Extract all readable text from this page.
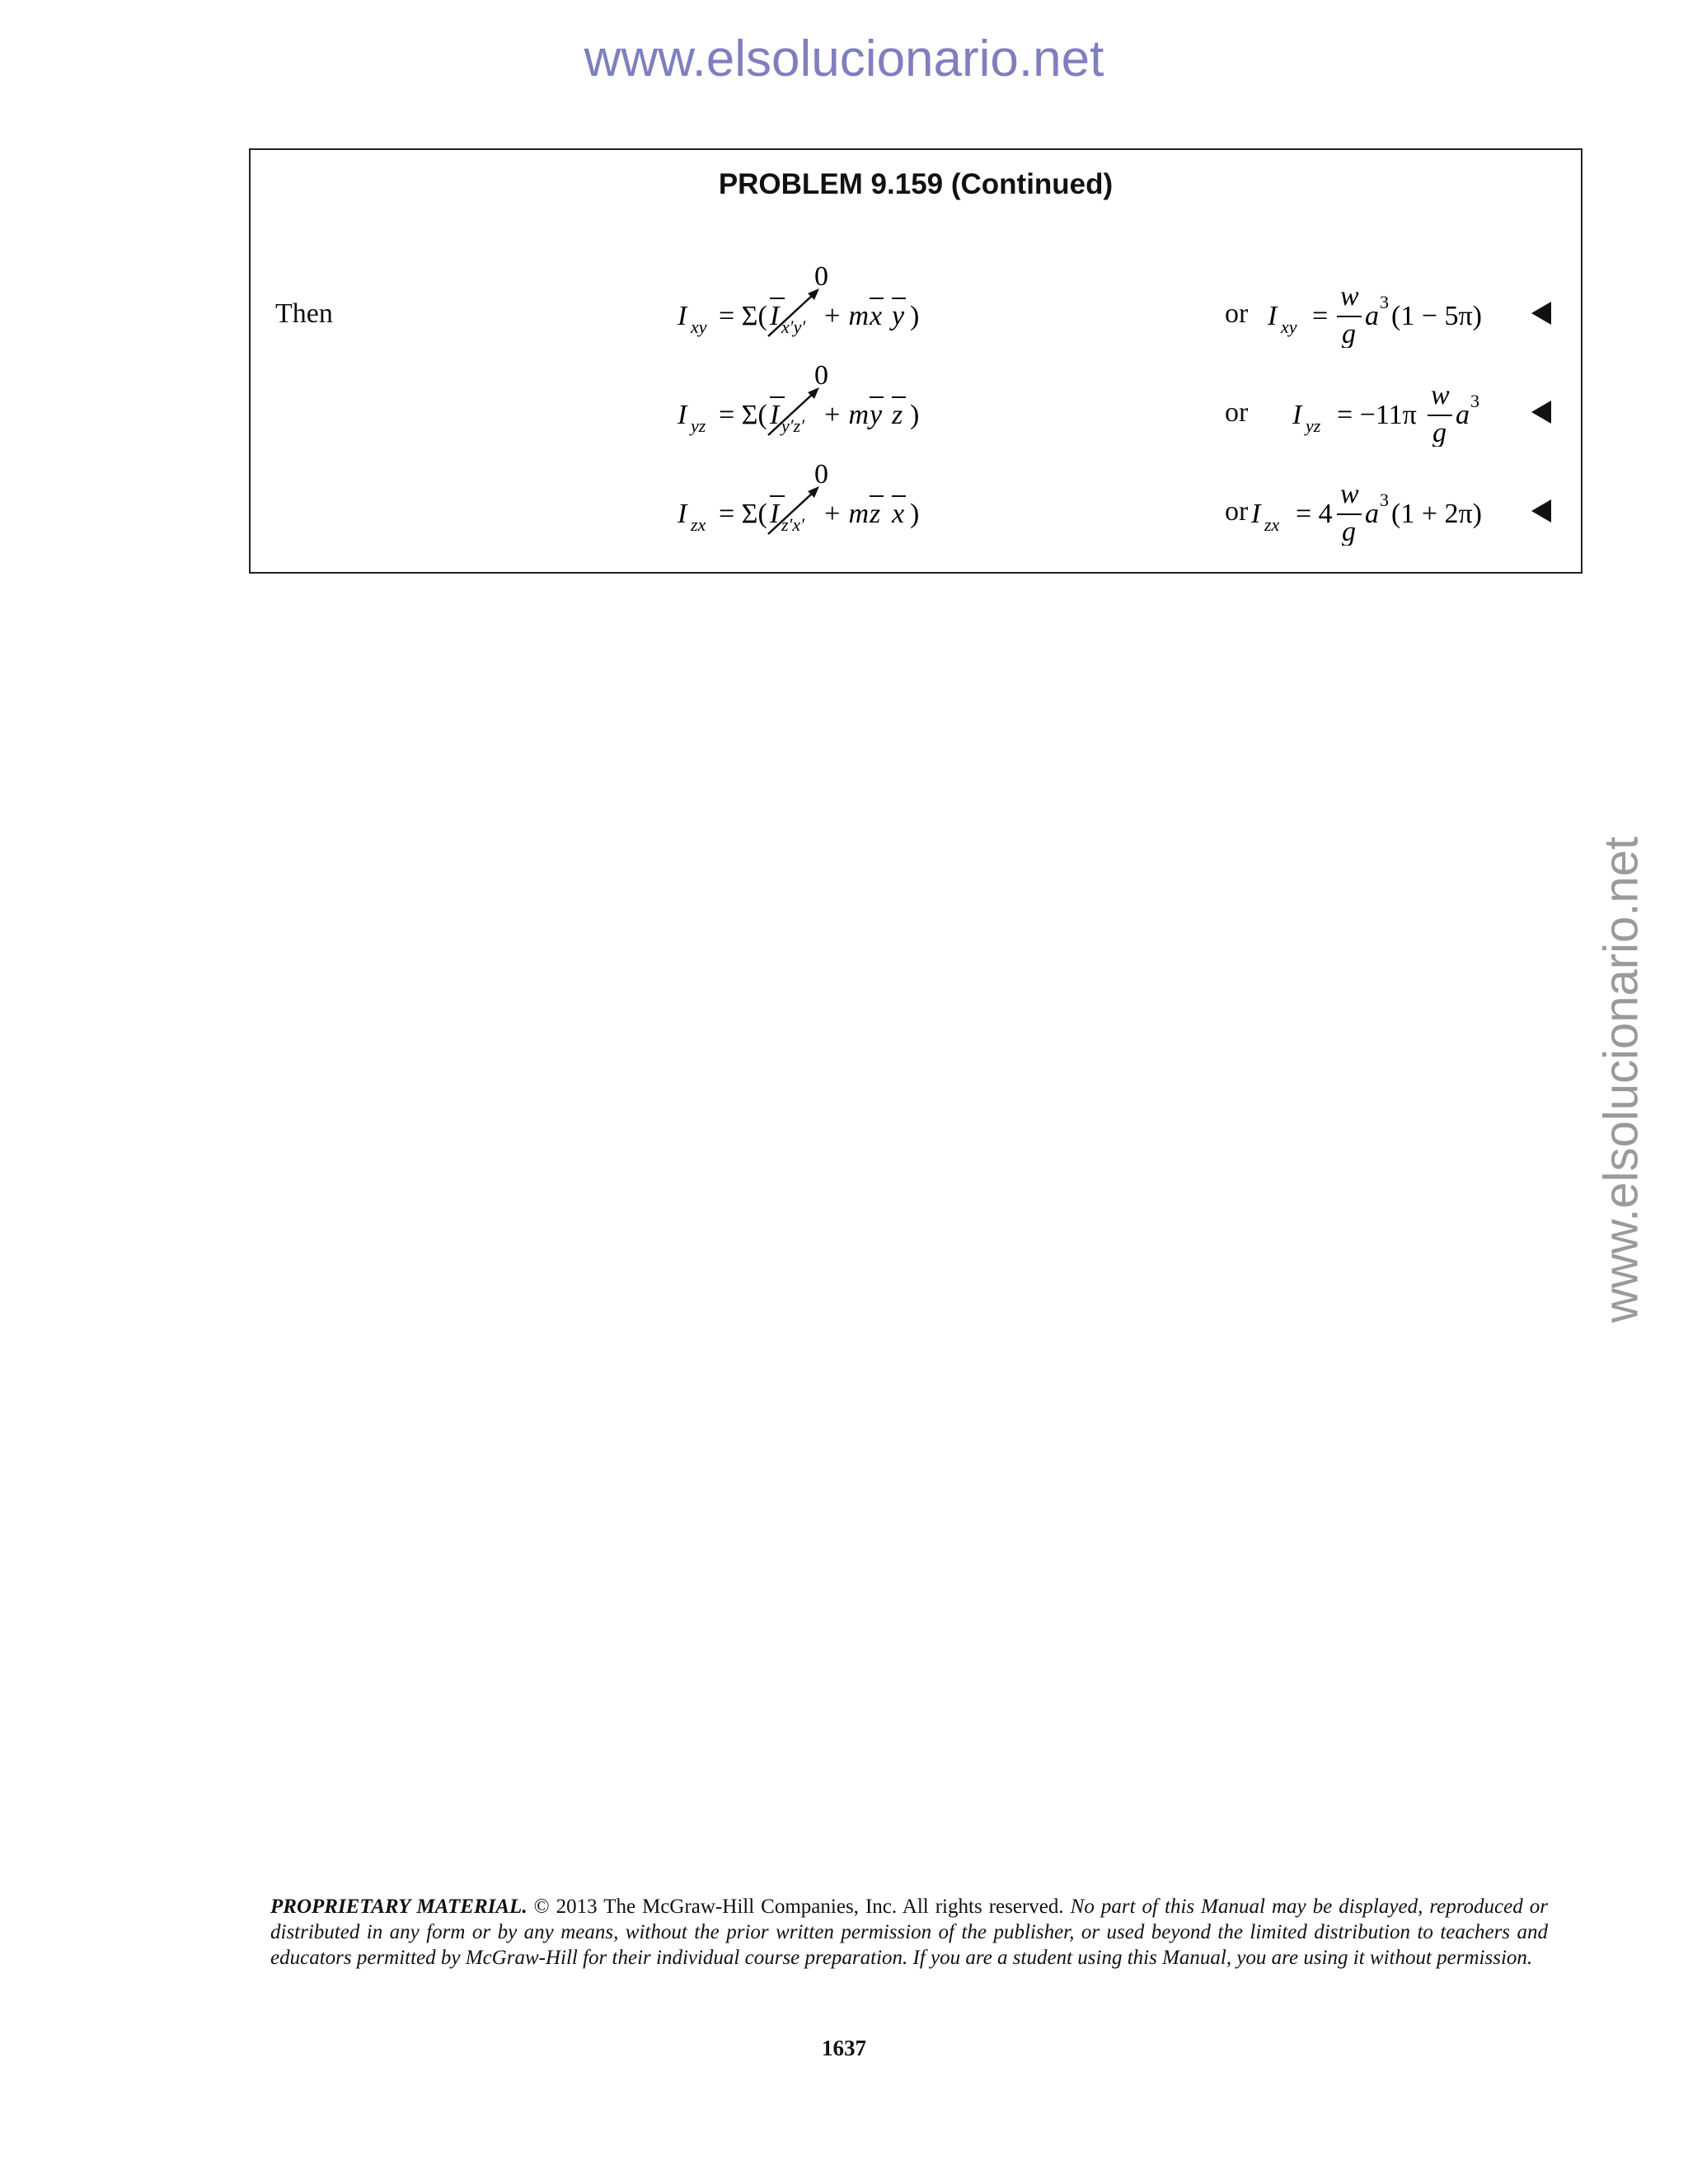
www.elsolucionario.net
www.elsolucionario.net
PROBLEM 9.159 (Continued)
Then	I xy = Σ( I x′y′
0
+ m x y )	or I xy =
w
g
a 3 (1 − 5π)
I yz = Σ( I y′z′
0
+ m y z )	or I yz = −11π
w
g
a 3
I zx = Σ( I z′x′
0
+ m z x )	or I zx = 4
w
g
a 3 (1 + 2π)
PROPRIETARY MATERIAL. © 2013 The McGraw-Hill Companies, Inc. All rights reserved. No part of this Manual may be displayed, reproduced or distributed in any form or by any means, without the prior written permission of the publisher, or used beyond the limited distribution to teachers and educators permitted by McGraw-Hill for their individual course preparation. If you are a student using this Manual, you are using it without permission.
1637
